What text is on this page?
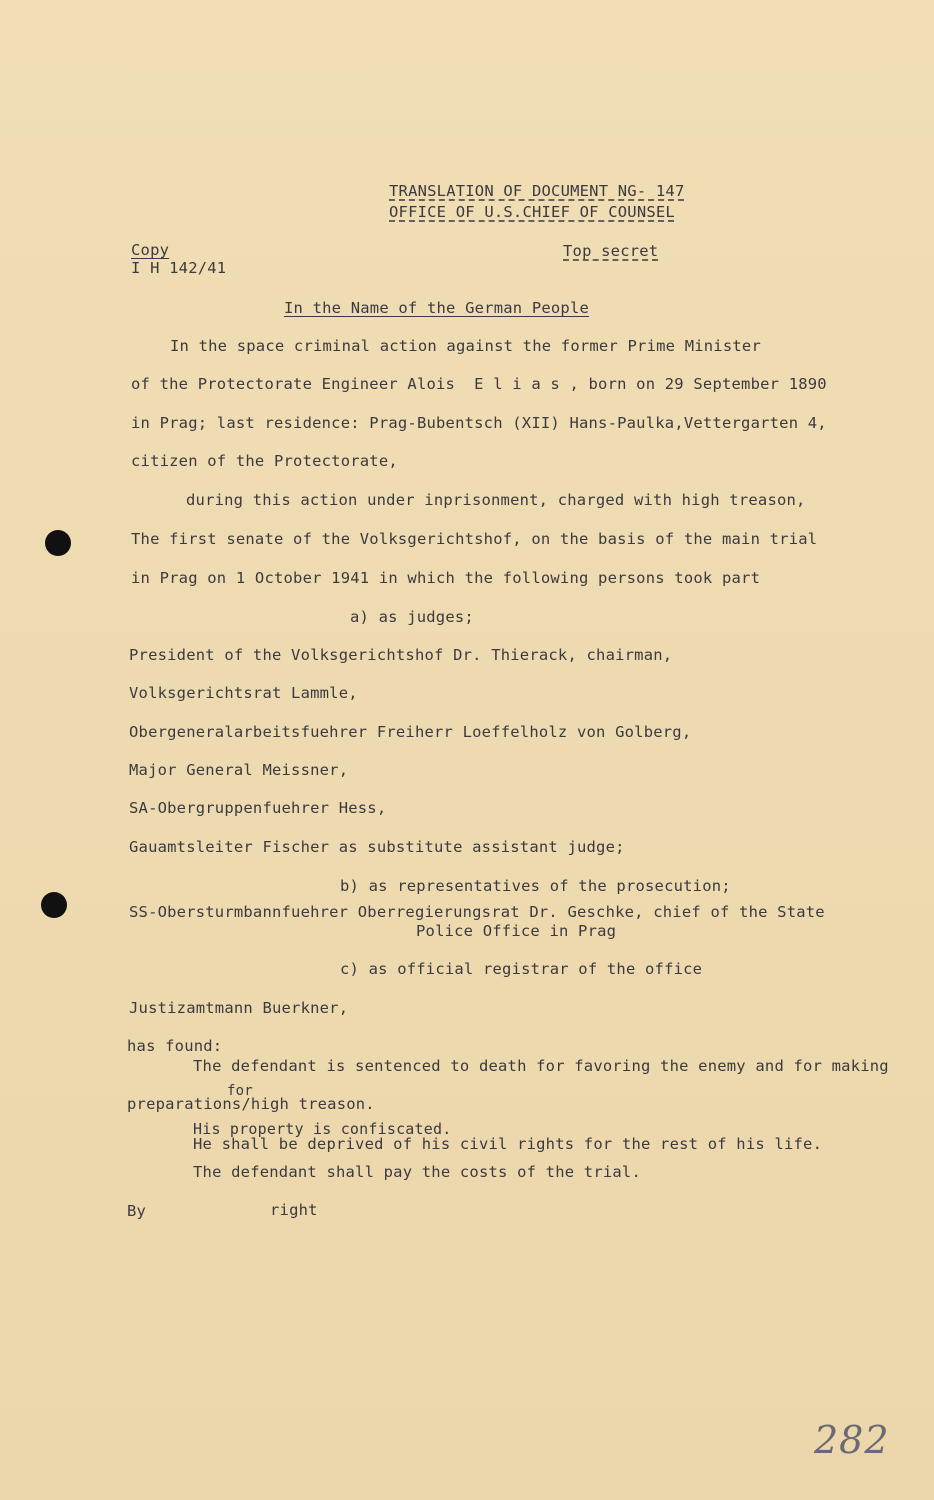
TRANSLATION OF DOCUMENT NG- 147
OFFICE OF U.S.CHIEF OF COUNSEL
Copy
I H 142/41
Top secret
In the Name of the German People
In the space criminal action against the former Prime Minister
of the Protectorate Engineer Alois  E l i a s , born on 29 September 1890
in Prag; last residence: Prag-Bubentsch (XII) Hans-Paulka,Vettergarten 4,
citizen of the Protectorate,
during this action under inprisonment, charged with high treason,
The first senate of the Volksgerichtshof, on the basis of the main trial
in Prag on 1 October 1941 in which the following persons took part
a) as judges;
President of the Volksgerichtshof Dr. Thierack, chairman,
Volksgerichtsrat Lammle,
Obergeneralarbeitsfuehrer Freiherr Loeffelholz von Golberg,
Major General Meissner,
SA-Obergruppenfuehrer Hess,
Gauamtsleiter Fischer as substitute assistant judge;
b) as representatives of the prosecution;
SS-Obersturmbannfuehrer Oberregierungsrat Dr. Geschke, chief of the State
Police Office in Prag
c) as official registrar of the office
Justizamtmann Buerkner,
has found:
The defendant is sentenced to death for favoring the enemy and for making
for
preparations/high treason.
His property is confiscated.
He shall be deprived of his civil rights for the rest of his life.
The defendant shall pay the costs of the trial.
By	right
282
